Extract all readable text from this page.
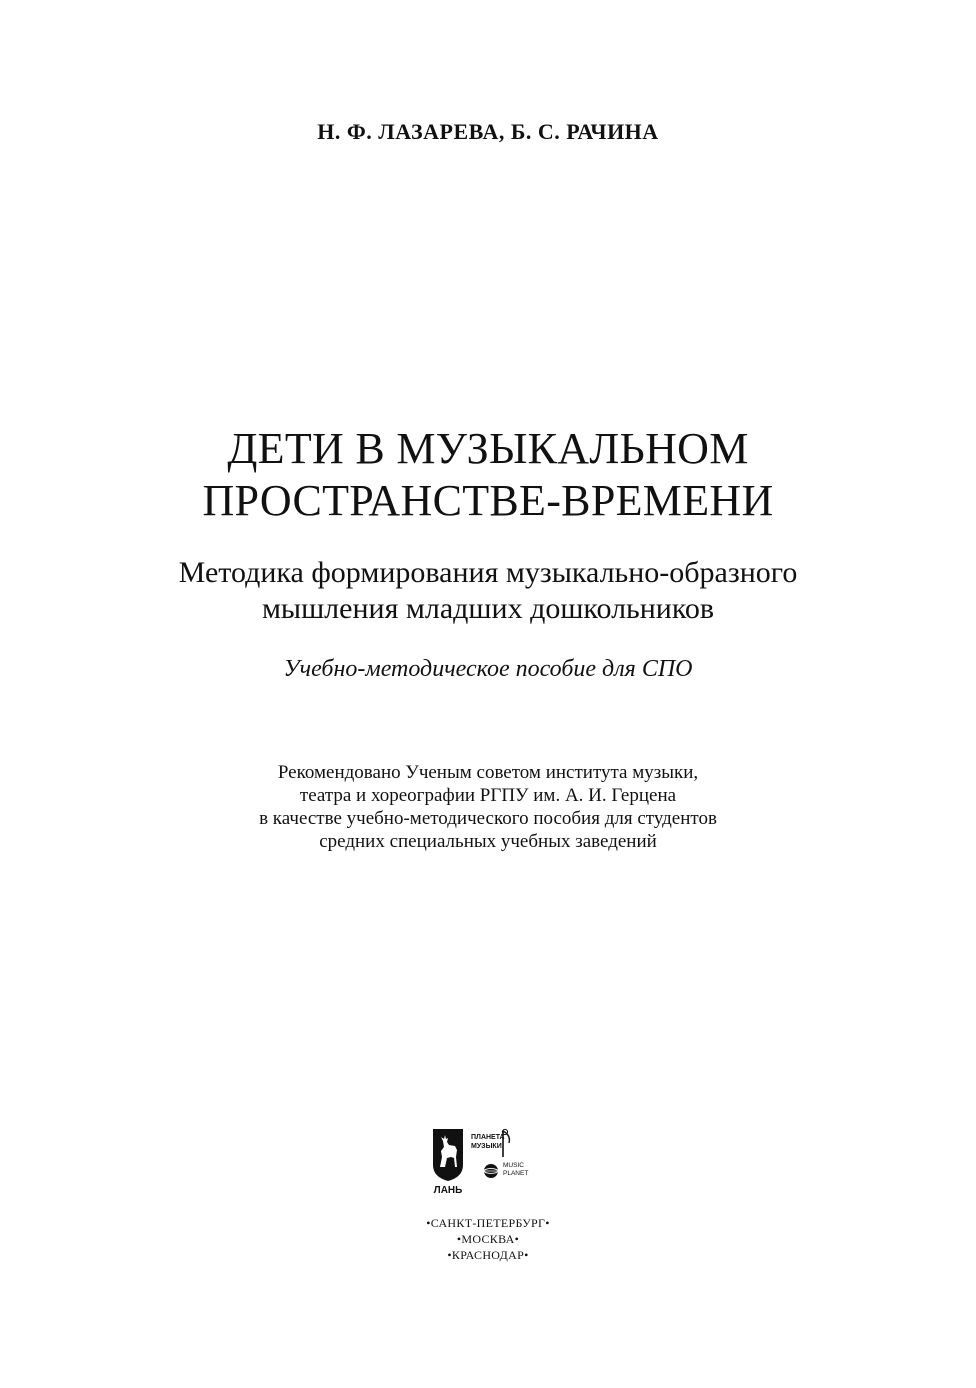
Н. Ф. ЛАЗАРЕВА, Б. С. РАЧИНА
ДЕТИ В МУЗЫКАЛЬНОМ
ПРОСТРАНСТВЕ-ВРЕМЕНИ
Методика формирования музыкально-образного
мышления младших дошкольников
Учебно-методическое пособие для СПО
Рекомендовано Ученым советом института музыки,
театра и хореографии РГПУ им. А. И. Герцена
в качестве учебно-методического пособия для студентов
средних специальных учебных заведений
ЛАНЬ
ПЛАНЕТА
МУЗЫКИ
MUSIC
PLANET
•САНКТ-ПЕТЕРБУРГ•
•МОСКВА•
•КРАСНОДАР•
